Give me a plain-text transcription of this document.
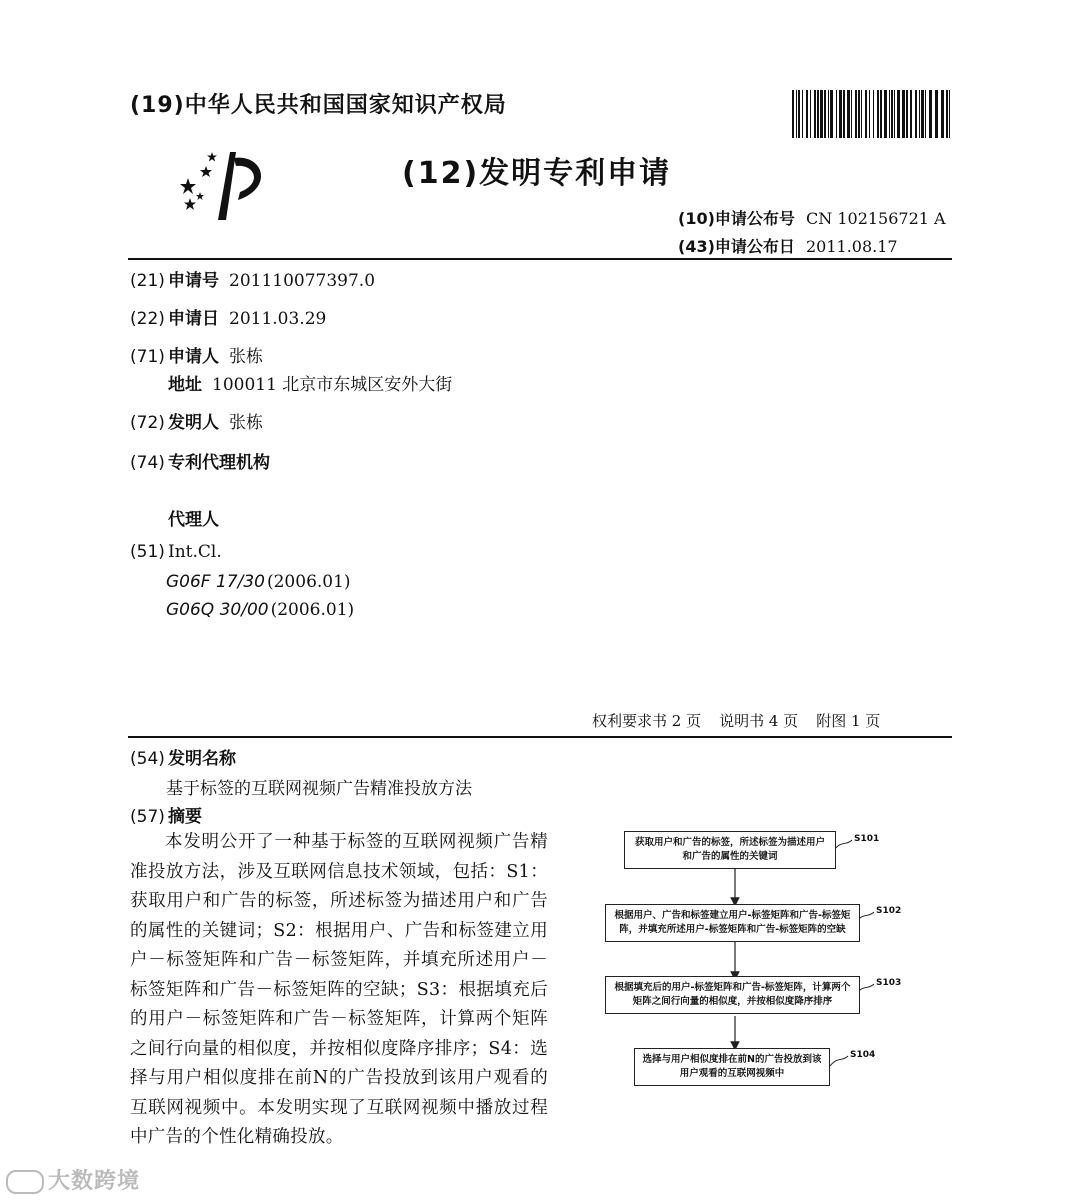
(19)中华人民共和国国家知识产权局
(12)发明专利申请
(10)申请公布号 CN 102156721 A
(43)申请公布日 2011.08.17
(21) 申请号 201110077397.0
(22) 申请日 2011.03.29
(71) 申请人 张栋
地址 100011 北京市东城区安外大街
(72) 发明人 张栋
(74) 专利代理机构
代理人
(51) Int.Cl.
G06F 17/30 (2006.01)
G06Q 30/00 (2006.01)
权利要求书 2 页 说明书 4 页 附图 1 页
(54) 发明名称
基于标签的互联网视频广告精准投放方法
(57) 摘要
本发明公开了一种基于标签的互联网视频广告精准投放方法，涉及互联网信息技术领域，包括：S1：获取用户和广告的标签，所述标签为描述用户和广告的属性的关键词；S2：根据用户、广告和标签建立用户－标签矩阵和广告－标签矩阵，并填充所述用户－标签矩阵和广告－标签矩阵的空缺；S3：根据填充后的用户－标签矩阵和广告－标签矩阵，计算两个矩阵之间行向量的相似度，并按相似度降序排序；S4：选择与用户相似度排在前N的广告投放到该用户观看的互联网视频中。本发明实现了互联网视频中播放过程中广告的个性化精确投放。
获取用户和广告的标签，所述标签为描述用户和广告的属性的关键词
S101
根据用户、广告和标签建立用户-标签矩阵和广告-标签矩阵，并填充所述用户-标签矩阵和广告-标签矩阵的空缺
S102
根据填充后的用户-标签矩阵和广告-标签矩阵，计算两个矩阵之间行向量的相似度，并按相似度降序排序
S103
选择与用户相似度排在前N的广告投放到该用户观看的互联网视频中
S104
大数跨境
